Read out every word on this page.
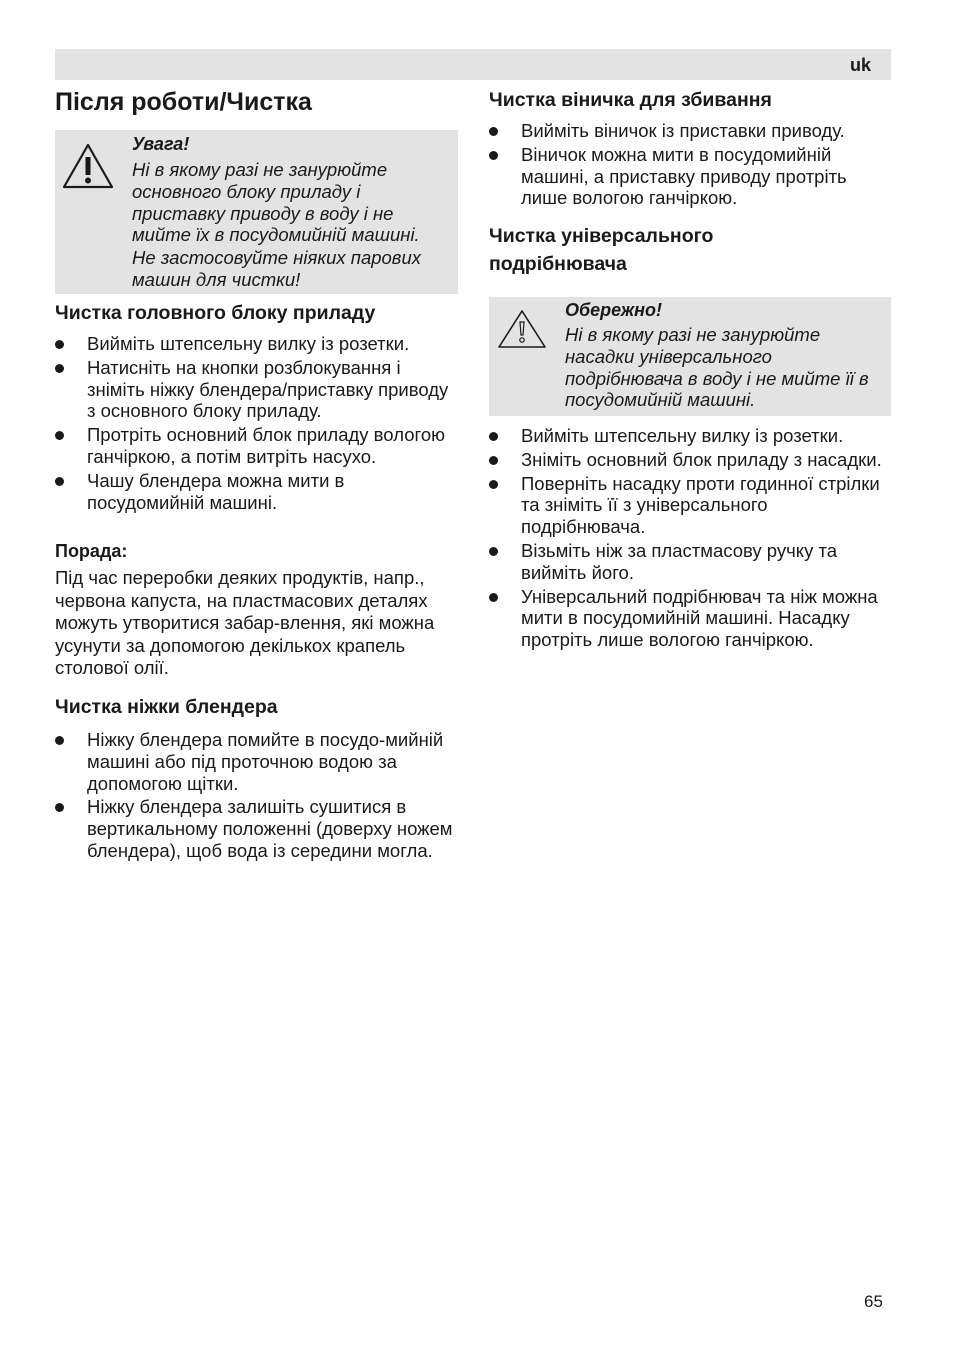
uk
Після роботи/Чистка
Увага!
Ні в якому разі не занурюйте основного блоку приладу і приставку приводу в воду і не мийте їх в посудомийній машині.
Не застосовуйте ніяких парових машин для чистки!
Чистка головного блоку приладу
Вийміть штепсельну вилку із розетки.
Натисніть на кнопки розблокування і зніміть ніжку блендера/приставку приводу з основного блоку приладу.
Протріть основний блок приладу вологою ганчіркою, а потім витріть насухо.
Чашу блендера можна мити в посудомийній машині.
Порада:
Під час переробки деяких продуктів, напр., червона капуста, на пластмасових деталях можуть утворитися забар-влення, які можна усунути за допомогою декількох крапель столової олії.
Чистка ніжки блендера
Ніжку блендера помийте в посудо-мийній машині або під проточною водою за допомогою щітки.
Ніжку блендера залишіть сушитися в вертикальному положенні (доверху ножем блендера), щоб вода із середини могла.
Чистка віничка для збивання
Вийміть віничок із приставки приводу.
Віничок можна мити в посудомийній машині, а приставку приводу протріть лише вологою ганчіркою.
Чистка універсального подрібнювача
Обережно!
Ні в якому разі не занурюйте насадки універсального подрібнювача в воду і не мийте її в посудомийній машині.
Вийміть штепсельну вилку із розетки.
Зніміть основний блок приладу з насадки.
Поверніть насадку проти годинної стрілки та зніміть її з універсального подрібнювача.
Візьміть ніж за пластмасову ручку та вийміть його.
Універсальний подрібнювач та ніж можна мити в посудомийній машині. Насадку протріть лише вологою ганчіркою.
65
